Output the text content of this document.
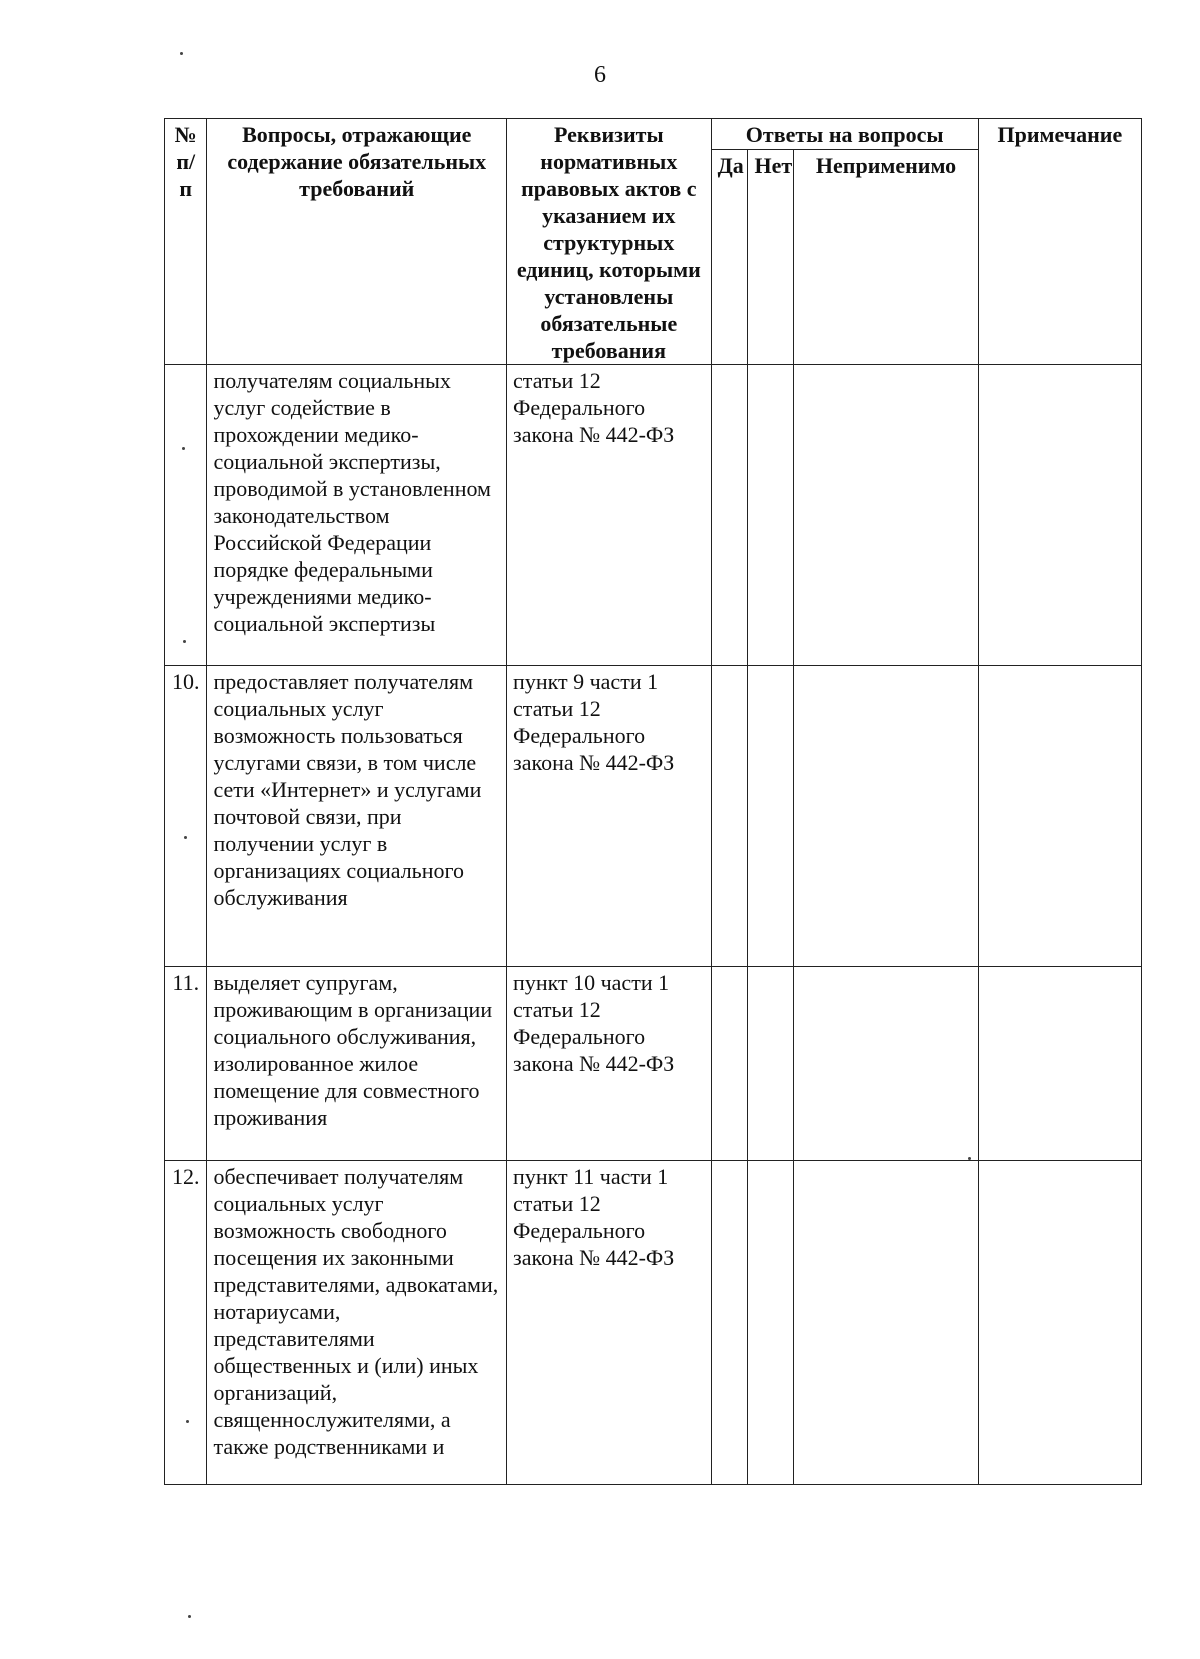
6
№ п/п	Вопросы, отражающие содержание обязательных требований	Реквизиты нормативных правовых актов с указанием их структурных единиц, которыми установлены обязательные требования	Ответы на вопросы			Примечание
			Да	Нет	Неприменимо	
	получателям социальных услуг содействие в прохождении медико-социальной экспертизы, проводимой в установленном законодательством Российской Федерации порядке федеральными учреждениями медико-социальной экспертизы	статьи 12 Федерального закона № 442-ФЗ				
10.	предоставляет получателям социальных услуг возможность пользоваться услугами связи, в том числе сети «Интернет» и услугами почтовой связи, при получении услуг в организациях социального обслуживания	пункт 9 части 1 статьи 12 Федерального закона № 442-ФЗ				
11.	выделяет супругам, проживающим в организации социального обслуживания, изолированное жилое помещение для совместного проживания	пункт 10 части 1 статьи 12 Федерального закона № 442-ФЗ				
12.	обеспечивает получателям социальных услуг возможность свободного посещения их законными представителями, адвокатами, нотариусами, представителями общественных и (или) иных организаций, священнослужителями, а также родственниками и	пункт 11 части 1 статьи 12 Федерального закона № 442-ФЗ				
